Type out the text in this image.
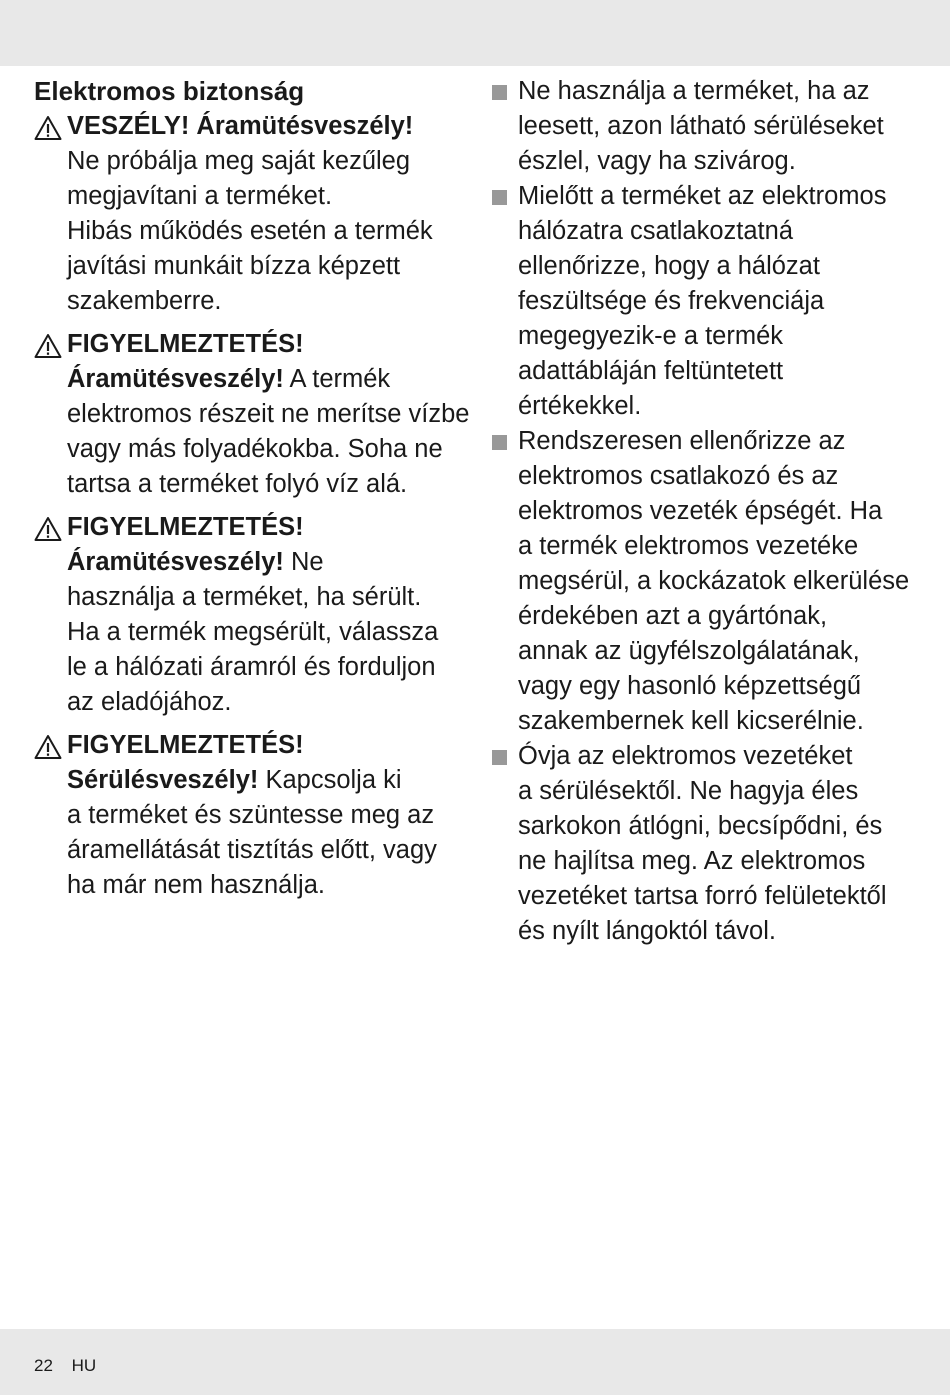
Elektromos biztonság
VESZÉLY! Áramütésveszély!
Ne próbálja meg saját kezűleg
megjavítani a terméket.
Hibás működés esetén a termék
javítási munkáit bízza képzett
szakemberre.
FIGYELMEZTETÉS!
Áramütésveszély! A termék
elektromos részeit ne merítse vízbe
vagy más folyadékokba. Soha ne
tartsa a terméket folyó víz alá.
FIGYELMEZTETÉS!
Áramütésveszély! Ne
használja a terméket, ha sérült.
Ha a termék megsérült, válassza
le a hálózati áramról és forduljon
az eladójához.
FIGYELMEZTETÉS!
Sérülésveszély! Kapcsolja ki
a terméket és szüntesse meg az
áramellátását tisztítás előtt, vagy
ha már nem használja.
Ne használja a terméket, ha az
leesett, azon látható sérüléseket
észlel, vagy ha szivárog.
Mielőtt a terméket az elektromos
hálózatra csatlakoztatná
ellenőrizze, hogy a hálózat
feszültsége és frekvenciája
megegyezik-e a termék
adattábláján feltüntetett
értékekkel.
Rendszeresen ellenőrizze az
elektromos csatlakozó és az
elektromos vezeték épségét. Ha
a termék elektromos vezetéke
megsérül, a kockázatok elkerülése
érdekében azt a gyártónak,
annak az ügyfélszolgálatának,
vagy egy hasonló képzettségű
szakembernek kell kicserélnie.
Óvja az elektromos vezetéket
a sérülésektől. Ne hagyja éles
sarkokon átlógni, becsípődni, és
ne hajlítsa meg. Az elektromos
vezetéket tartsa forró felületektől
és nyílt lángoktól távol.
22 HU
